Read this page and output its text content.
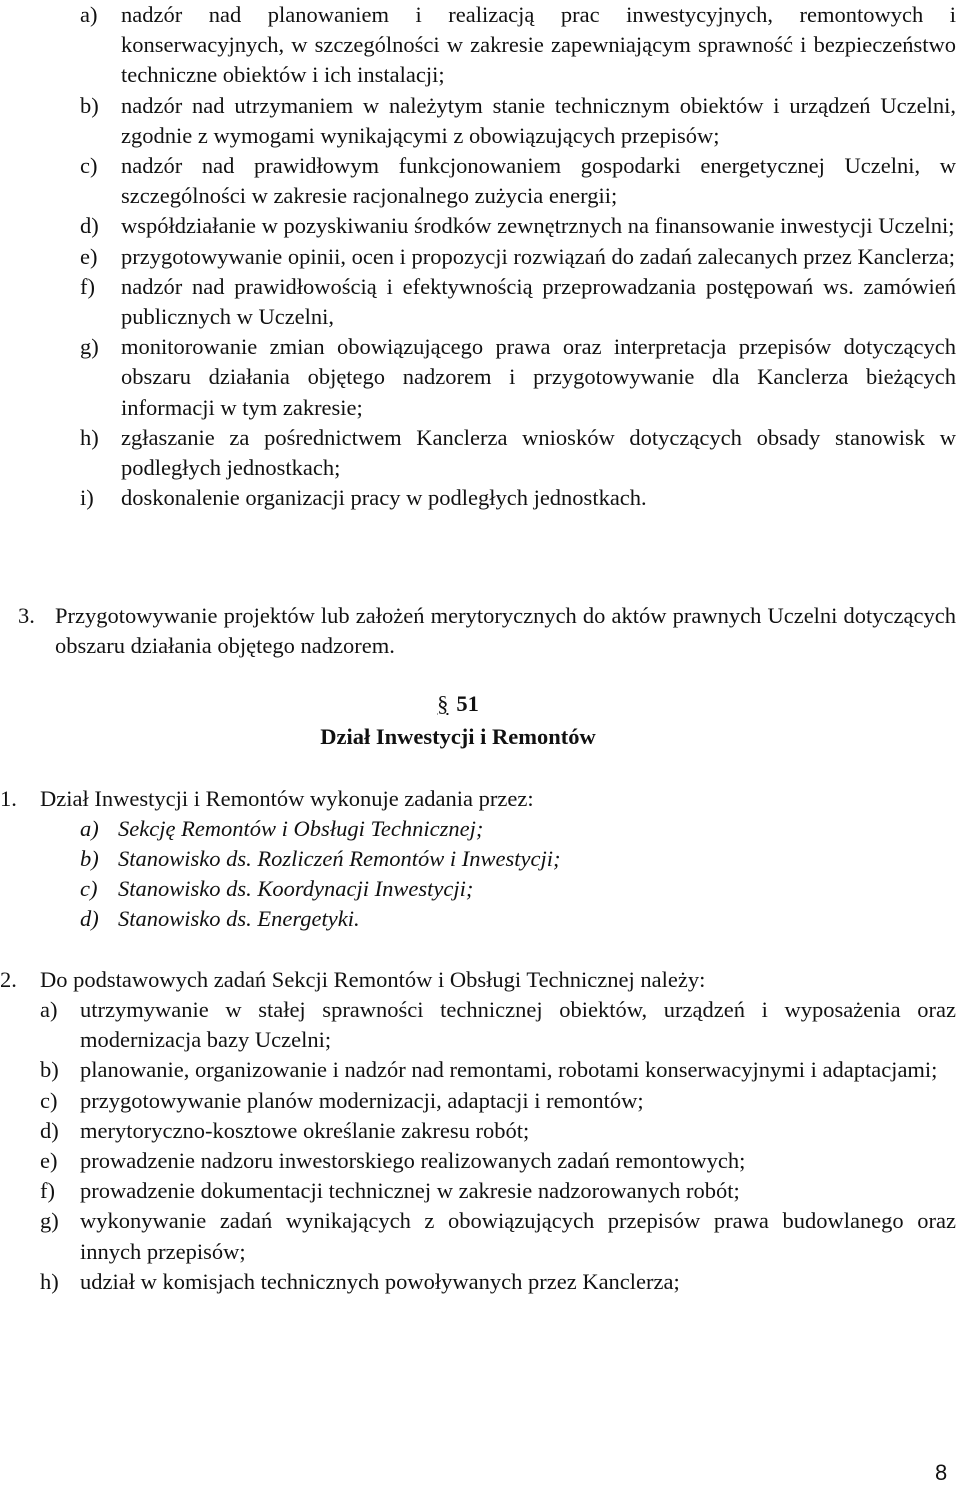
a) nadzór nad planowaniem i realizacją prac inwestycyjnych, remontowych i konserwacyjnych, w szczególności w zakresie zapewniającym sprawność i bezpieczeństwo techniczne obiektów i ich instalacji;
b) nadzór nad utrzymaniem w należytym stanie technicznym obiektów i urządzeń Uczelni, zgodnie z wymogami wynikającymi z obowiązujących przepisów;
c) nadzór nad prawidłowym funkcjonowaniem gospodarki energetycznej Uczelni, w szczególności w zakresie racjonalnego zużycia energii;
d) współdziałanie w pozyskiwaniu środków zewnętrznych na finansowanie inwestycji Uczelni;
e) przygotowywanie opinii, ocen i propozycji rozwiązań do zadań zalecanych przez Kanclerza;
f) nadzór nad prawidłowością i efektywnością przeprowadzania postępowań ws. zamówień publicznych w Uczelni,
g) monitorowanie zmian obowiązującego prawa oraz interpretacja przepisów dotyczących obszaru działania objętego nadzorem i przygotowywanie dla Kanclerza bieżących informacji w tym zakresie;
h) zgłaszanie za pośrednictwem Kanclerza wniosków dotyczących obsady stanowisk w podległych jednostkach;
i) doskonalenie organizacji pracy w podległych jednostkach.
3. Przygotowywanie projektów lub założeń merytorycznych do aktów prawnych Uczelni dotyczących obszaru działania objętego nadzorem.
§ 51
Dział Inwestycji i Remontów
1. Dział Inwestycji i Remontów wykonuje zadania przez:
a) Sekcję Remontów i Obsługi Technicznej;
b) Stanowisko ds. Rozliczeń Remontów i Inwestycji;
c) Stanowisko ds. Koordynacji Inwestycji;
d) Stanowisko ds. Energetyki.
2. Do podstawowych zadań Sekcji Remontów i Obsługi Technicznej należy:
a) utrzymywanie w stałej sprawności technicznej obiektów, urządzeń i wyposażenia oraz modernizacja bazy Uczelni;
b) planowanie, organizowanie i nadzór nad remontami, robotami konserwacyjnymi i adaptacjami;
c) przygotowywanie planów modernizacji, adaptacji i remontów;
d) merytoryczno-kosztowe określanie zakresu robót;
e) prowadzenie nadzoru inwestorskiego realizowanych zadań remontowych;
f) prowadzenie dokumentacji technicznej w zakresie nadzorowanych robót;
g) wykonywanie zadań wynikających z obowiązujących przepisów prawa budowlanego oraz innych przepisów;
h) udział w komisjach technicznych powoływanych przez Kanclerza;
8
